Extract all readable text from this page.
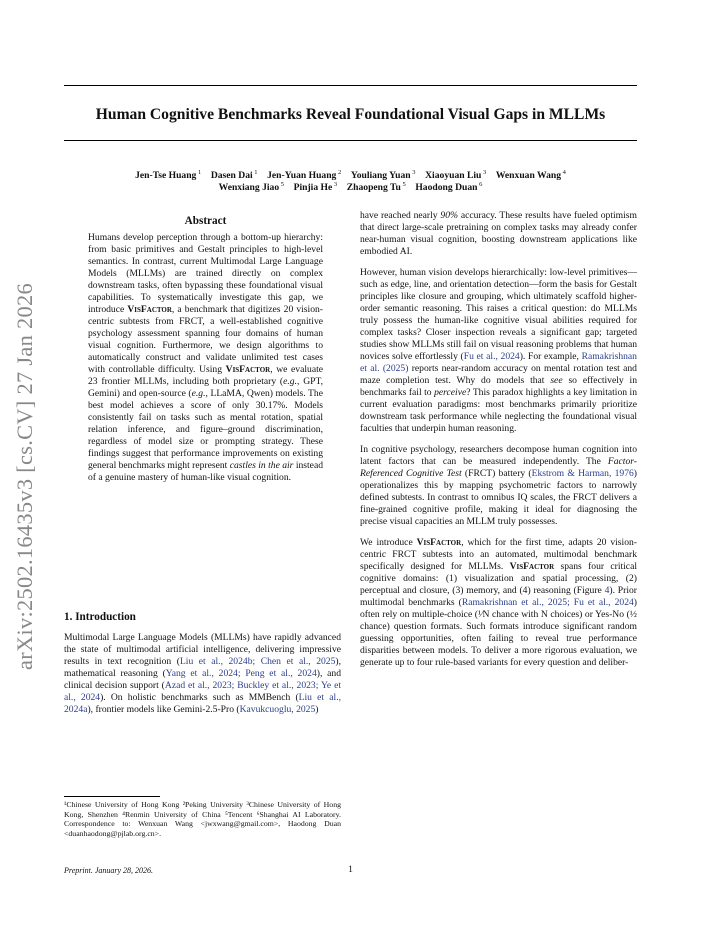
Human Cognitive Benchmarks Reveal Foundational Visual Gaps in MLLMs
Jen-Tse Huang $^1$  Dasen Dai $^1$  Jen-Yuan Huang $^2$  Youliang Yuan $^3$  Xiaoyuan Liu $^3$  Wenxuan Wang $^4$
Wenxiang Jiao $^5$  Pinjia He $^3$  Zhaopeng Tu $^5$  Haodong Duan $^6$
arXiv:2502.16435v3 [cs.CV] 27 Jan 2026
Abstract
Humans develop perception through a bottom-up hierarchy: from basic primitives and Gestalt principles to high-level semantics. In contrast, current Multimodal Large Language Models (MLLMs) are trained directly on complex downstream tasks, often bypassing these foundational visual capabilities. To systematically investigate this gap, we introduce VisFactor, a benchmark that digitizes 20 vision-centric subtests from FRCT, a well-established cognitive psychology assessment spanning four domains of human visual cognition. Furthermore, we design algorithms to automatically construct and validate unlimited test cases with controllable difficulty. Using VisFactor, we evaluate 23 frontier MLLMs, including both proprietary (e.g., GPT, Gemini) and open-source (e.g., LLaMA, Qwen) models. The best model achieves a score of only 30.17%. Models consistently fail on tasks such as mental rotation, spatial relation inference, and figure–ground discrimination, regardless of model size or prompting strategy. These findings suggest that performance improvements on existing general benchmarks might represent castles in the air instead of a genuine mastery of human-like visual cognition.
1. Introduction
Multimodal Large Language Models (MLLMs) have rapidly advanced the state of multimodal artificial intelligence, delivering impressive results in text recognition (Liu et al., 2024b; Chen et al., 2025), mathematical reasoning (Yang et al., 2024; Peng et al., 2024), and clinical decision support (Azad et al., 2023; Buckley et al., 2023; Ye et al., 2024). On holistic benchmarks such as MMBench (Liu et al., 2024a), frontier models like Gemini-2.5-Pro (Kavukcuoglu, 2025)
¹Chinese University of Hong Kong ²Peking University ³Chinese University of Hong Kong, Shenzhen ⁴Renmin University of China ⁵Tencent ⁶Shanghai AI Laboratory. Correspondence to: Wenxuan Wang <jwxwang@gmail.com>, Haodong Duan <duanhaodong@pjlab.org.cn>.
Preprint. January 28, 2026.
have reached nearly 90% accuracy. These results have fueled optimism that direct large-scale pretraining on complex tasks may already confer near-human visual cognition, boosting downstream applications like embodied AI.
However, human vision develops hierarchically: low-level primitives—such as edge, line, and orientation detection—form the basis for Gestalt principles like closure and grouping, which ultimately scaffold higher-order semantic reasoning. This raises a critical question: do MLLMs truly possess the human-like cognitive visual abilities required for complex tasks? Closer inspection reveals a significant gap; targeted studies show MLLMs still fail on visual reasoning problems that human novices solve effortlessly (Fu et al., 2024). For example, Ramakrishnan et al. (2025) reports near-random accuracy on mental rotation test and maze completion test. Why do models that see so effectively in benchmarks fail to perceive? This paradox highlights a key limitation in current evaluation paradigms: most benchmarks primarily prioritize downstream task performance while neglecting the foundational visual faculties that underpin human reasoning.
In cognitive psychology, researchers decompose human cognition into latent factors that can be measured independently. The Factor-Referenced Cognitive Test (FRCT) battery (Ekstrom & Harman, 1976) operationalizes this by mapping psychometric factors to narrowly defined subtests. In contrast to omnibus IQ scales, the FRCT delivers a fine-grained cognitive profile, making it ideal for diagnosing the precise visual capacities an MLLM truly possesses.
We introduce VisFactor, which for the first time, adapts 20 vision-centric FRCT subtests into an automated, multimodal benchmark specifically designed for MLLMs. VisFactor spans four critical cognitive domains: (1) visualization and spatial processing, (2) perceptual and closure, (3) memory, and (4) reasoning (Figure 4). Prior multimodal benchmarks (Ramakrishnan et al., 2025; Fu et al., 2024) often rely on multiple-choice (¹⁄N chance with N choices) or Yes-No (½ chance) question formats. Such formats introduce significant random guessing opportunities, often failing to reveal true performance disparities between models. To deliver a more rigorous evaluation, we generate up to four rule-based variants for every question and deliber-
1
